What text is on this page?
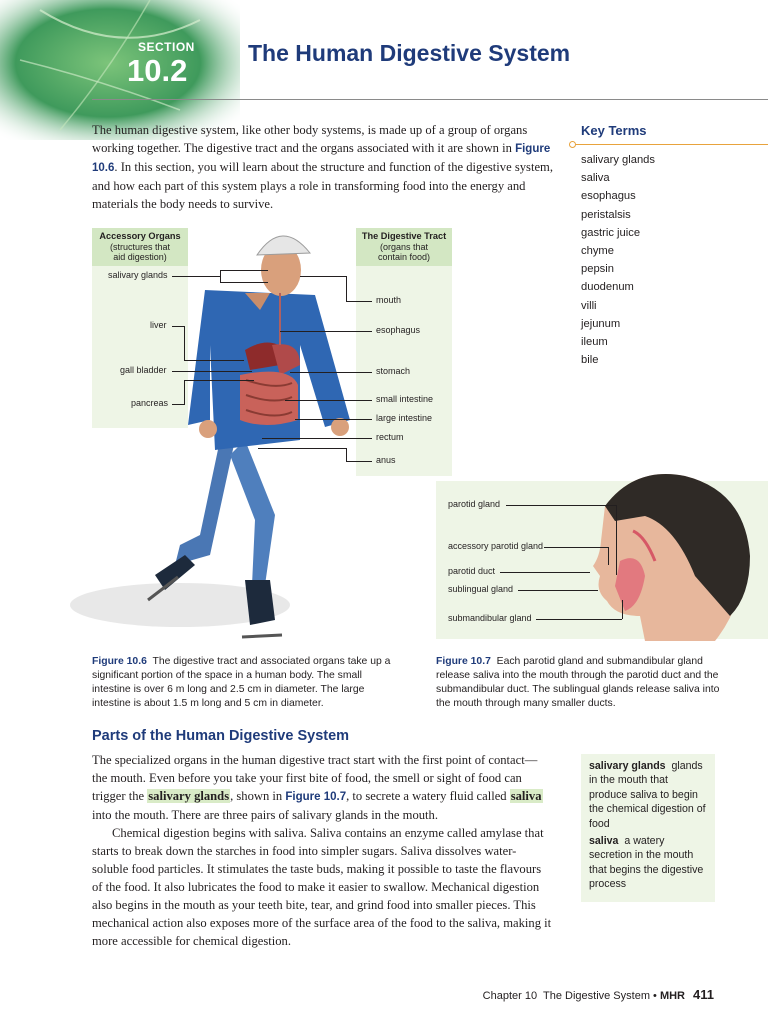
SECTION
10.2	The Human Digestive System
The human digestive system, like other body systems, is made up of a group of organs working together. The digestive tract and the organs associated with it are shown in Figure 10.6. In this section, you will learn about the structure and function of the digestive system, and how each part of this system plays a role in transforming food into the energy and materials the body needs to survive.
Key Terms
salivary glands
saliva
esophagus
peristalsis
gastric juice
chyme
pepsin
duodenum
villi
jejunum
ileum
bile
Accessory Organs
(structures that
aid digestion)
The Digestive Tract
(organs that
contain food)
salivary glands
liver
gall bladder
pancreas
mouth
esophagus
stomach
small intestine
large intestine
rectum
anus
Figure 10.6 The digestive tract and associated organs take up a significant portion of the space in a human body. The small intestine is over 6 m long and 2.5 cm in diameter. The large intestine is about 1.5 m long and 5 cm in diameter.
parotid gland
accessory parotid gland
parotid duct
sublingual gland
submandibular gland
Figure 10.7 Each parotid gland and submandibular gland release saliva into the mouth through the parotid duct and the submandibular duct. The sublingual glands release saliva into the mouth through many smaller ducts.
Parts of the Human Digestive System

The specialized organs in the human digestive tract start with the first point of contact—the mouth. Even before you take your first bite of food, the smell or sight of food can trigger the salivary glands, shown in Figure 10.7, to secrete a watery fluid called saliva into the mouth. There are three pairs of salivary glands in the mouth.

Chemical digestion begins with saliva. Saliva contains an enzyme called amylase that starts to break down the starches in food into simpler sugars. Saliva dissolves water-soluble food particles. It stimulates the taste buds, making it possible to taste the flavours of the food. It also lubricates the food to make it easier to swallow. Mechanical digestion also begins in the mouth as your teeth bite, tear, and grind food into smaller pieces. This mechanical action also exposes more of the surface area of the food to the saliva, making it more accessible for chemical digestion.

salivary glands glands in the mouth that produce saliva to begin the chemical digestion of food

saliva a watery secretion in the mouth that begins the digestive process

Chapter 10 The Digestive System • MHR 411
